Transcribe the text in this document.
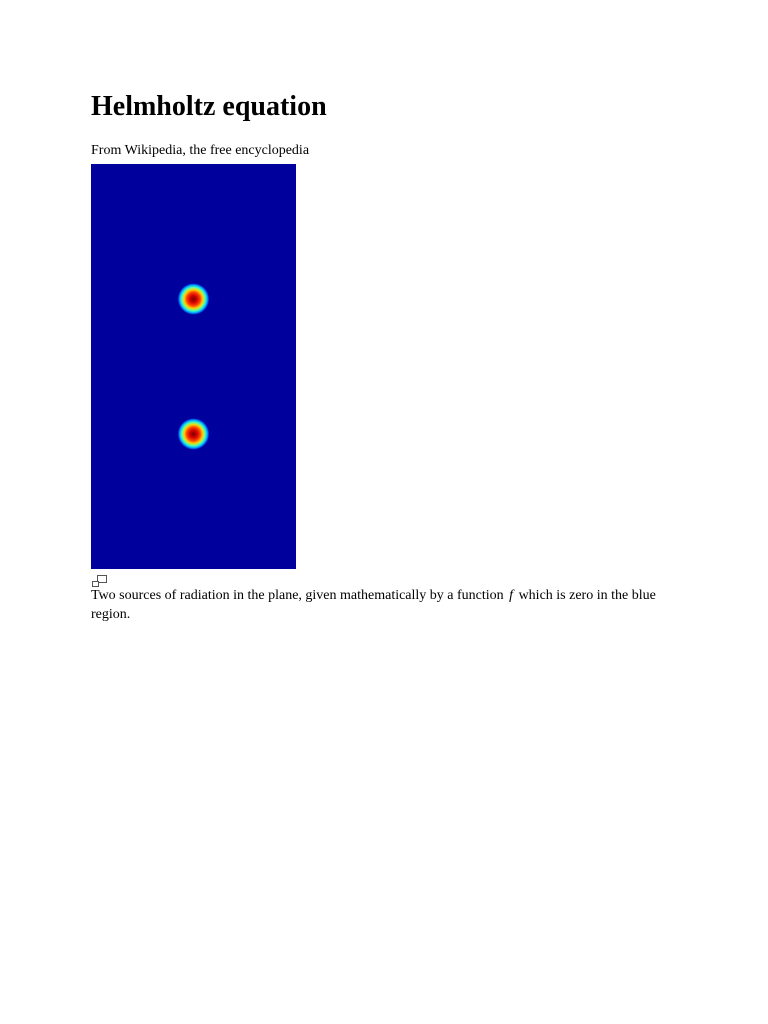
Helmholtz equation

From Wikipedia, the free encyclopedia

Two sources of radiation in the plane, given mathematically by a function f which is zero in the blue region.
